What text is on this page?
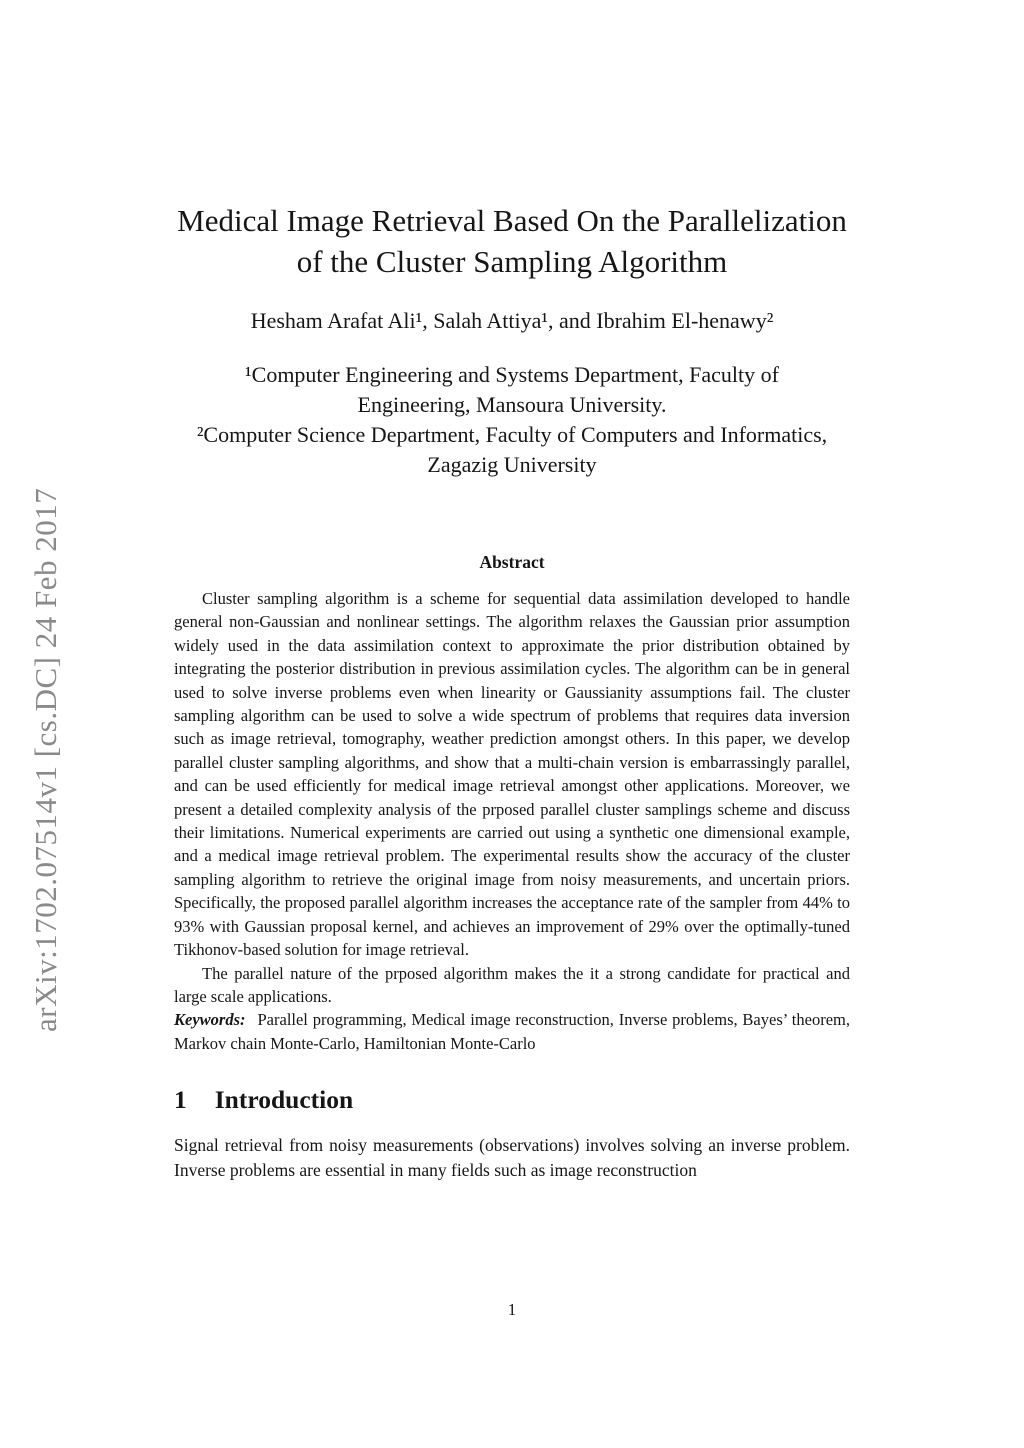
arXiv:1702.07514v1 [cs.DC] 24 Feb 2017
Medical Image Retrieval Based On the Parallelization
of the Cluster Sampling Algorithm
Hesham Arafat Ali¹, Salah Attiya¹, and Ibrahim El-henawy²
¹Computer Engineering and Systems Department, Faculty of
Engineering, Mansoura University.
²Computer Science Department, Faculty of Computers and Informatics,
Zagazig University
Abstract

Cluster sampling algorithm is a scheme for sequential data assimilation developed to handle general non-Gaussian and nonlinear settings. The algorithm relaxes the Gaussian prior assumption widely used in the data assimilation context to approximate the prior distribution obtained by integrating the posterior distribution in previous assimilation cycles. The algorithm can be in general used to solve inverse problems even when linearity or Gaussianity assumptions fail. The cluster sampling algorithm can be used to solve a wide spectrum of problems that requires data inversion such as image retrieval, tomography, weather prediction amongst others. In this paper, we develop parallel cluster sampling algorithms, and show that a multi-chain version is embarrassingly parallel, and can be used efficiently for medical image retrieval amongst other applications. Moreover, we present a detailed complexity analysis of the prposed parallel cluster samplings scheme and discuss their limitations. Numerical experiments are carried out using a synthetic one dimensional example, and a medical image retrieval problem. The experimental results show the accuracy of the cluster sampling algorithm to retrieve the original image from noisy measurements, and uncertain priors. Specifically, the proposed parallel algorithm increases the acceptance rate of the sampler from 44% to 93% with Gaussian proposal kernel, and achieves an improvement of 29% over the optimally-tuned Tikhonov-based solution for image retrieval.

The parallel nature of the prposed algorithm makes the it a strong candidate for practical and large scale applications.

Keywords: Parallel programming, Medical image reconstruction, Inverse problems, Bayes’ theorem, Markov chain Monte-Carlo, Hamiltonian Monte-Carlo

1 Introduction

Signal retrieval from noisy measurements (observations) involves solving an inverse problem. Inverse problems are essential in many fields such as image reconstruction

1
